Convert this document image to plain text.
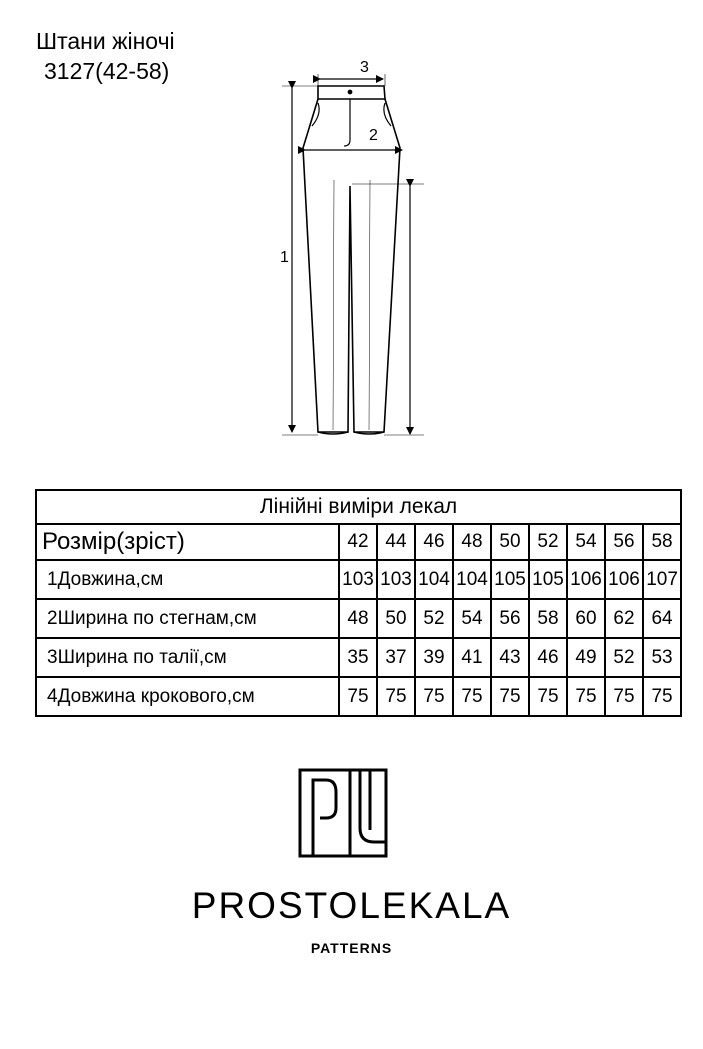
Штани жіночі
3127(42-58)
1
2
3
Лінійні виміри лекал									
Розмір(зріст)	42	44	46	48	50	52	54	56	58
1Довжина,см	103	103	104	104	105	105	106	106	107
2Ширина по стегнам,см	48	50	52	54	56	58	60	62	64
3Ширина по талії,см	35	37	39	41	43	46	49	52	53
4Довжина крокового,см	75	75	75	75	75	75	75	75	75
PROSTOLEKALA
PATTERNS
